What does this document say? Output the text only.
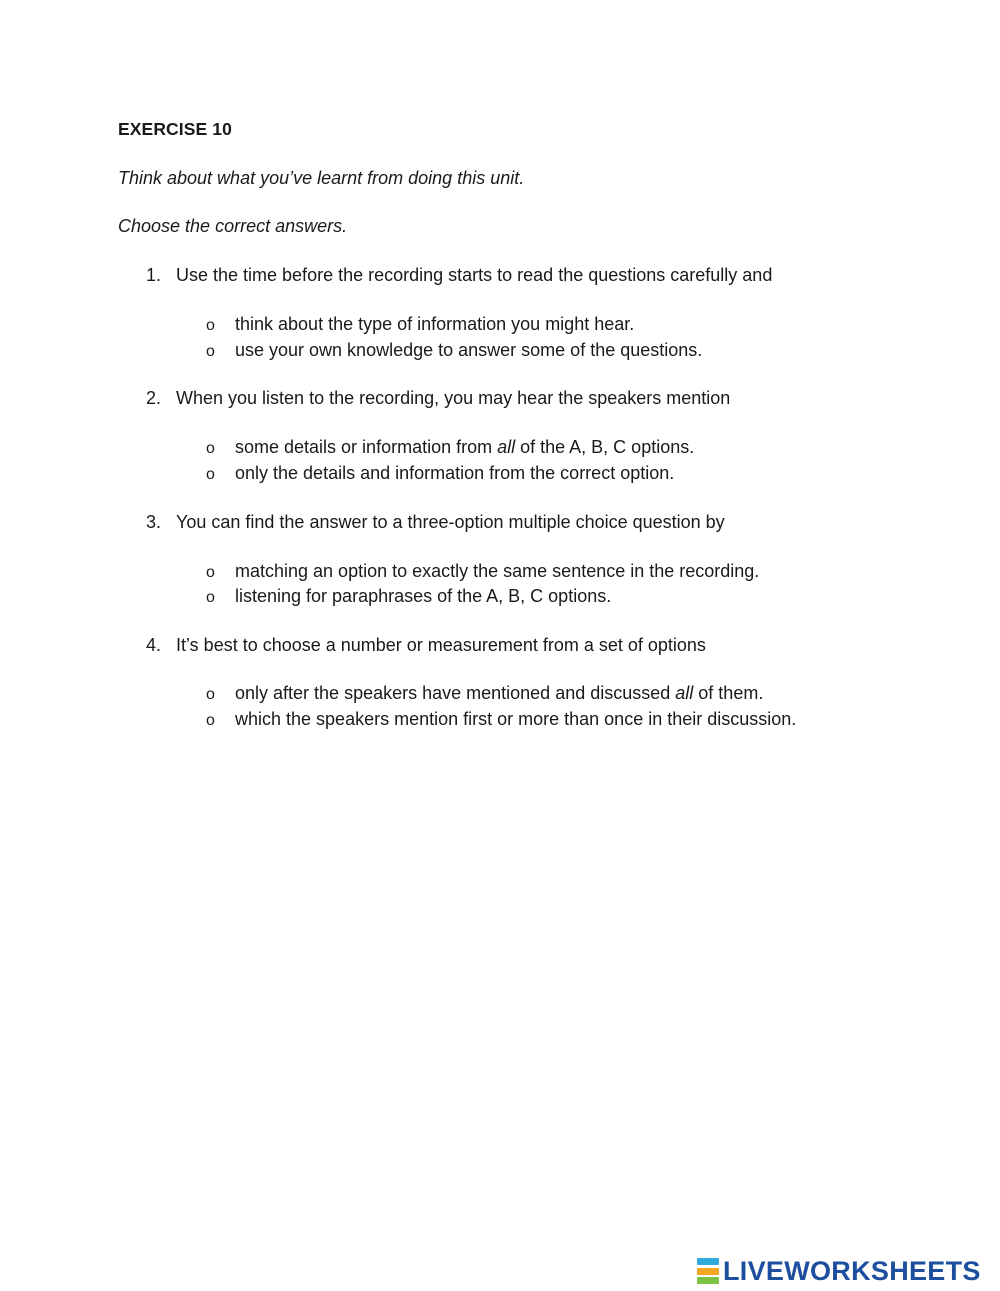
EXERCISE 10
Think about what you’ve learnt from doing this unit.
Choose the correct answers.
1. Use the time before the recording starts to read the questions carefully and
o think about the type of information you might hear.
o use your own knowledge to answer some of the questions.
2. When you listen to the recording, you may hear the speakers mention
o some details or information from all of the A, B, C options.
o only the details and information from the correct option.
3. You can find the answer to a three-option multiple choice question by
o matching an option to exactly the same sentence in the recording.
o listening for paraphrases of the A, B, C options.
4. It’s best to choose a number or measurement from a set of options
o only after the speakers have mentioned and discussed all of them.
o which the speakers mention first or more than once in their discussion.
LIVEWORKSHEETS
